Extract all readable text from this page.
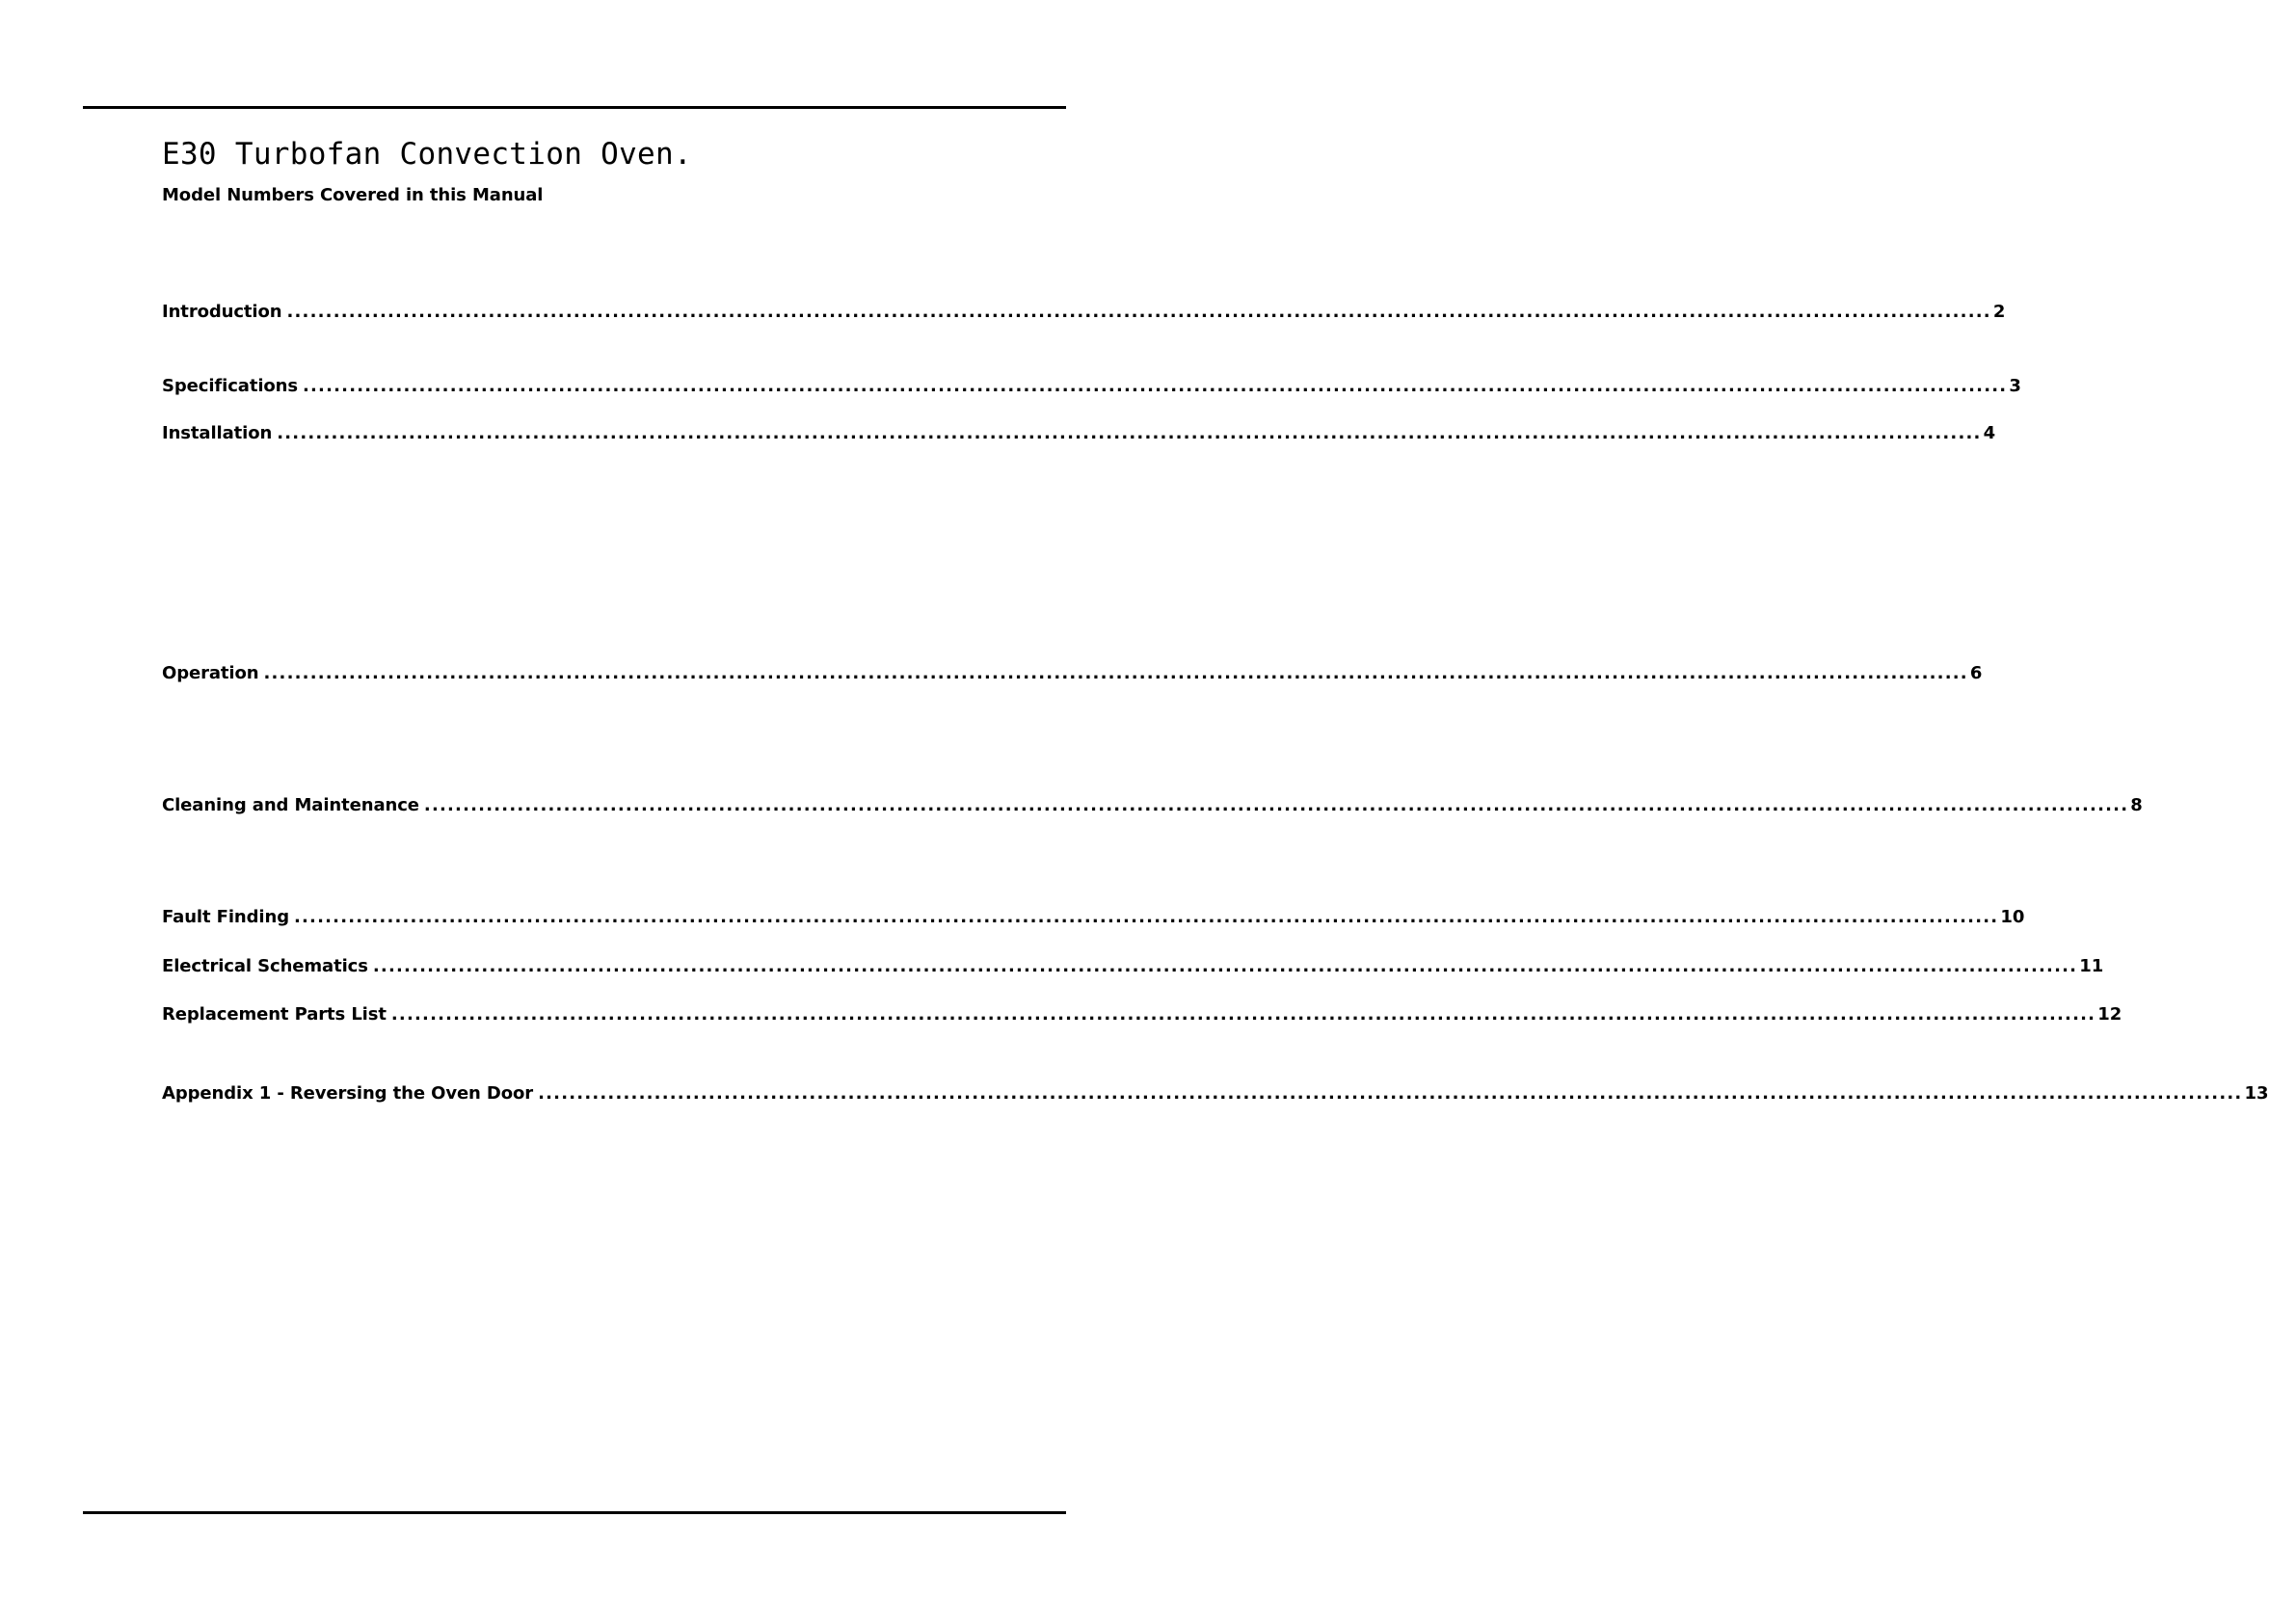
E30 Turbofan Convection Oven.
Model Numbers Covered in this Manual
Introduction ............................................................................................................................................................................................................................ 2
Specifications ............................................................................................................................................................................................................................ 3
Installation ............................................................................................................................................................................................................................ 4
Operation ............................................................................................................................................................................................................................ 6
Cleaning and Maintenance ............................................................................................................................................................................................................................ 8
Fault Finding ............................................................................................................................................................................................................................ 10
Electrical Schematics ............................................................................................................................................................................................................................ 11
Replacement Parts List ............................................................................................................................................................................................................................ 12
Appendix 1 - Reversing the Oven Door ............................................................................................................................................................................................................................ 13
